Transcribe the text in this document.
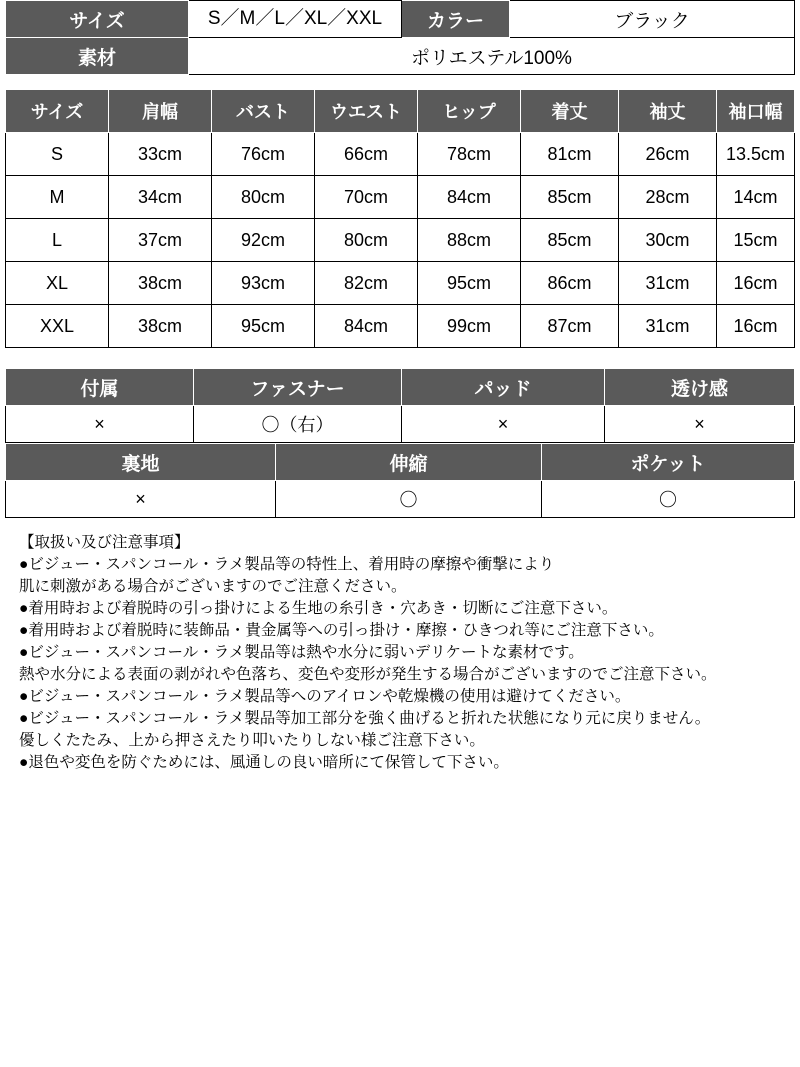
サイズ	S／M／L／XL／XXL	カラー	ブラック
素材	ポリエステル100%		
サイズ	肩幅	バスト	ウエスト	ヒップ	着丈	袖丈	袖口幅
S	33cm	76cm	66cm	78cm	81cm	26cm	13.5cm
M	34cm	80cm	70cm	84cm	85cm	28cm	14cm
L	37cm	92cm	80cm	88cm	85cm	30cm	15cm
XL	38cm	93cm	82cm	95cm	86cm	31cm	16cm
XXL	38cm	95cm	84cm	99cm	87cm	31cm	16cm
付属	ファスナー	パッド	透け感
×	〇（右）	×	×
裏地	伸縮	ポケット
×	〇	〇
【取扱い及び注意事項】
●ビジュー・スパンコール・ラメ製品等の特性上、着用時の摩擦や衝撃により
肌に刺激がある場合がございますのでご注意ください。
●着用時および着脱時の引っ掛けによる生地の糸引き・穴あき・切断にご注意下さい。
●着用時および着脱時に装飾品・貴金属等への引っ掛け・摩擦・ひきつれ等にご注意下さい。
●ビジュー・スパンコール・ラメ製品等は熱や水分に弱いデリケートな素材です。
熱や水分による表面の剥がれや色落ち、変色や変形が発生する場合がございますのでご注意下さい。
●ビジュー・スパンコール・ラメ製品等へのアイロンや乾燥機の使用は避けてください。
●ビジュー・スパンコール・ラメ製品等加工部分を強く曲げると折れた状態になり元に戻りません。
優しくたたみ、上から押さえたり叩いたりしない様ご注意下さい。
●退色や変色を防ぐためには、風通しの良い暗所にて保管して下さい。
